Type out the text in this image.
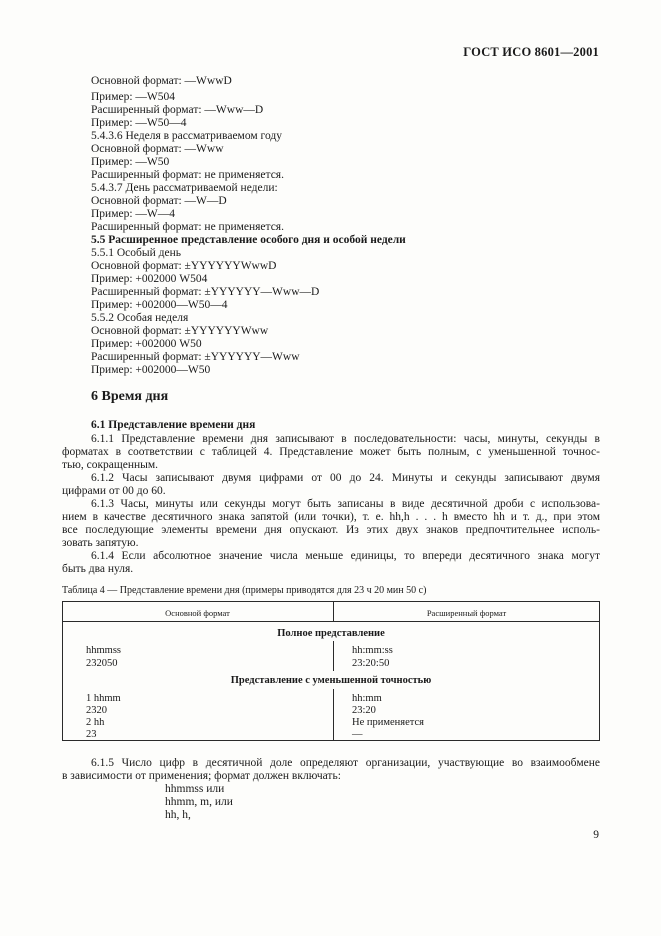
ГОСТ ИСО 8601—2001
Основной формат: —WwwD
Пример: —W504
Расширенный формат: —Www—D
Пример: —W50—4
5.4.3.6 Неделя в рассматриваемом году
Основной формат: —Www
Пример: —W50
Расширенный формат: не применяется.
5.4.3.7 День рассматриваемой недели:
Основной формат: —W—D
Пример: —W—4
Расширенный формат: не применяется.
5.5 Расширенное представление особого дня и особой недели
5.5.1 Особый день
Основной формат: ±YYYYYYWwwD
Пример: +002000 W504
Расширенный формат: ±YYYYYY—Www—D
Пример: +002000—W50—4
5.5.2 Особая неделя
Основной формат: ±YYYYYYWww
Пример: +002000 W50
Расширенный формат: ±YYYYYY—Www
Пример: +002000—W50
6 Время дня
6.1 Представление времени дня
6.1.1 Представление времени дня записывают в последовательности: часы, минуты, секунды в
форматах в соответствии с таблицей 4. Представление может быть полным, с уменьшенной точнос-
тью, сокращенным.
6.1.2 Часы записывают двумя цифрами от 00 до 24. Минуты и секунды записывают двумя
цифрами от 00 до 60.
6.1.3 Часы, минуты или секунды могут быть записаны в виде десятичной дроби с использова-
нием в качестве десятичного знака запятой (или точки), т. е. hh,h . . . h вместо hh и т. д., при этом
все последующие элементы времени дня опускают. Из этих двух знаков предпочтительнее исполь-
зовать запятую.
6.1.4 Если абсолютное значение числа меньше единицы, то впереди десятичного знака могут
быть два нуля.
Таблица 4 — Представление времени дня (примеры приводятся для 23 ч 20 мин 50 с)
Основной формат	Расширенный формат
Полное представление
hhmmss	hh:mm:ss
232050	23:20:50
Представление с уменьшенной точностью
1 hhmm	hh:mm
2320	23:20
2 hh	Не применяется
23	—
6.1.5 Число цифр в десятичной доле определяют организации, участвующие во взаимообмене
в зависимости от применения; формат должен включать:
hhmmss или
hhmm, m, или
hh, h,
9
